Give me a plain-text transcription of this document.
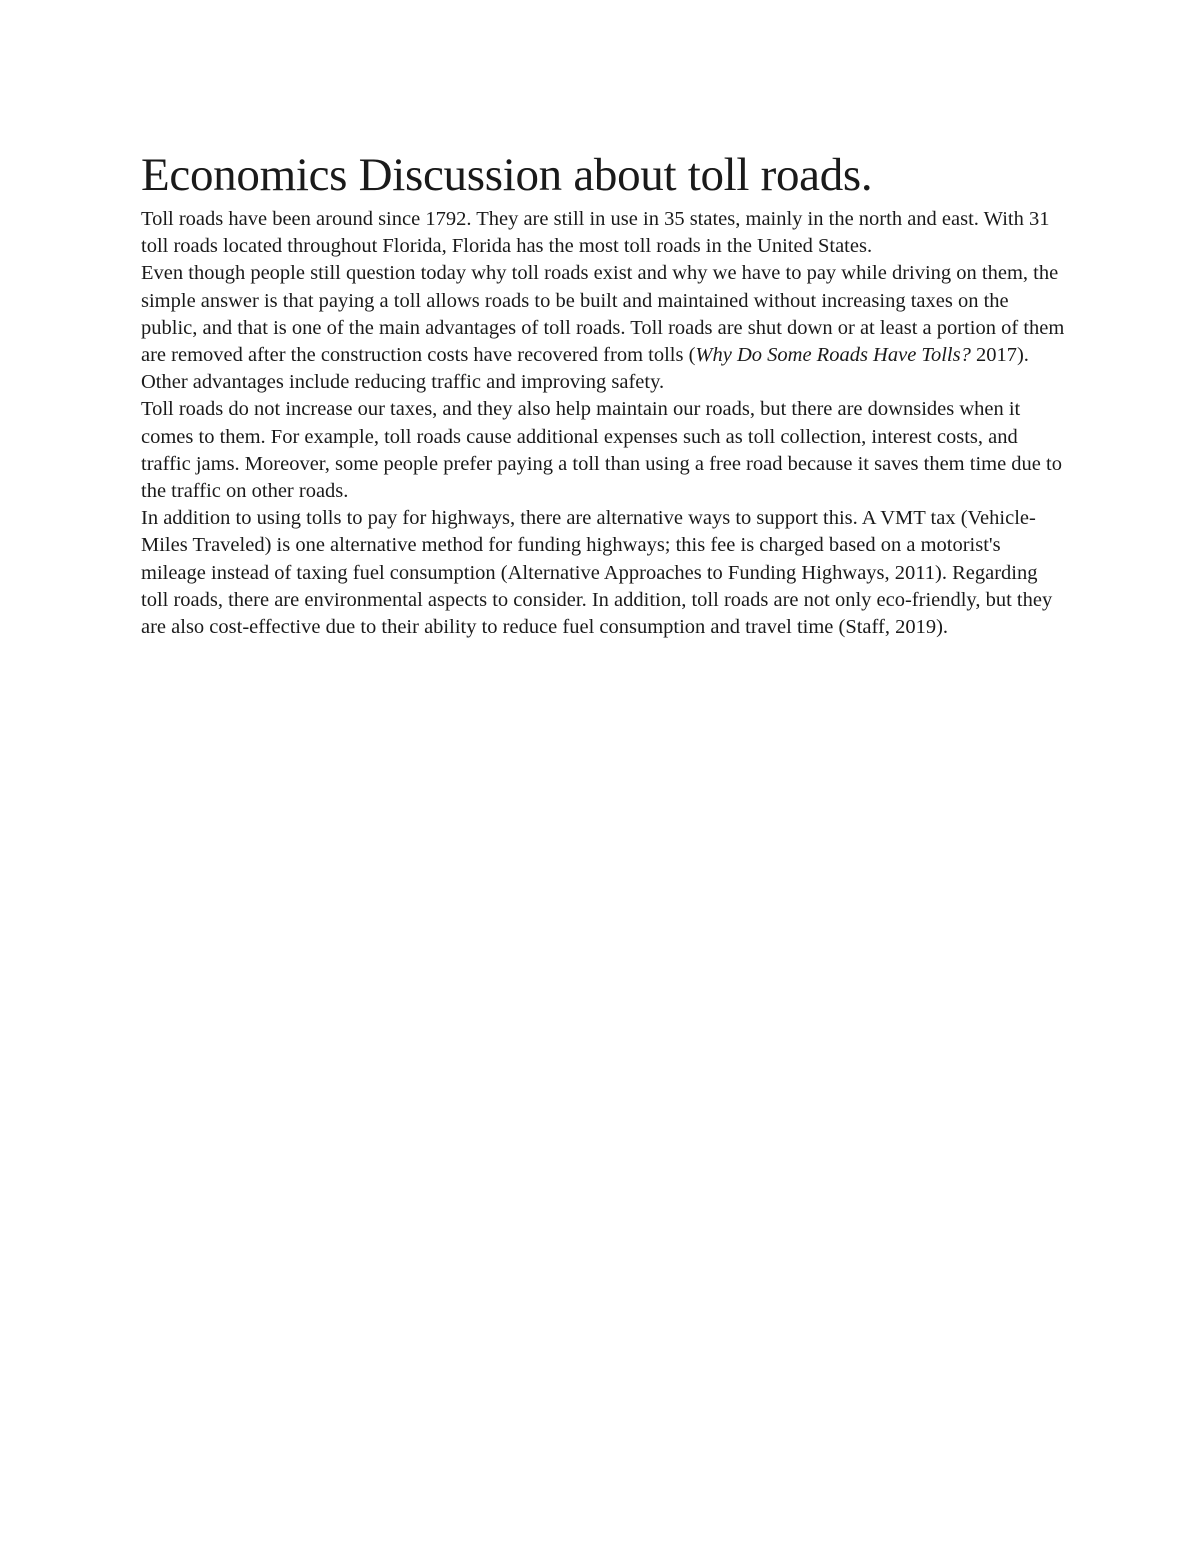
Economics Discussion about toll roads.

Toll roads have been around since 1792. They are still in use in 35 states, mainly in the north and east. With 31 toll roads located throughout Florida, Florida has the most toll roads in the United States.

Even though people still question today why toll roads exist and why we have to pay while driving on them, the simple answer is that paying a toll allows roads to be built and maintained without increasing taxes on the public, and that is one of the main advantages of toll roads. Toll roads are shut down or at least a portion of them are removed after the construction costs have recovered from tolls (Why Do Some Roads Have Tolls? 2017). Other advantages include reducing traffic and improving safety.

Toll roads do not increase our taxes, and they also help maintain our roads, but there are downsides when it comes to them. For example, toll roads cause additional expenses such as toll collection, interest costs, and traffic jams. Moreover, some people prefer paying a toll than using a free road because it saves them time due to the traffic on other roads.

In addition to using tolls to pay for highways, there are alternative ways to support this. A VMT tax (Vehicle-Miles Traveled) is one alternative method for funding highways; this fee is charged based on a motorist's mileage instead of taxing fuel consumption (Alternative Approaches to Funding Highways, 2011). Regarding toll roads, there are environmental aspects to consider. In addition, toll roads are not only eco-friendly, but they are also cost-effective due to their ability to reduce fuel consumption and travel time (Staff, 2019).
